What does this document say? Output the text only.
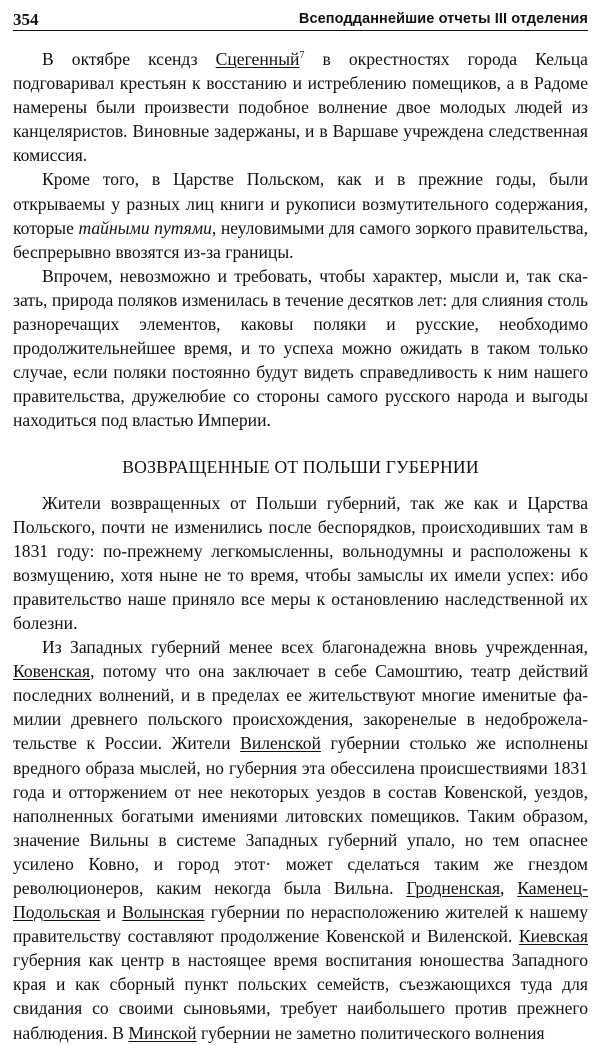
354	Всеподданнейшие отчеты III отделения

В октябре ксендз Сцегенный$^7$ в окрестностях города Кельца подговаривал крестьян к восстанию и истреблению помещиков, а в Радоме намерены были произвести подобное волнение двое молодых людей из канцеляристов. Виновные задержаны, и в Варшаве учреждена следственная комиссия.

Кроме того, в Царстве Польском, как и в прежние годы, были открываемы у разных лиц книги и рукописи возмутительного содержания, которые тайными путями, неуловимыми для самого зоркого правительства, беспрерывно ввозятся из-за границы.

Впрочем, невозможно и требовать, чтобы характер, мысли и, так сказать, природа поляков изменилась в течение десятков лет: для слияния столь разноречащих элементов, каковы поляки и русские, необходимо продолжительнейшее время, и то успеха можно ожидать в таком только случае, если поляки постоянно будут видеть справедливость к ним нашего правительства, дружелюбие со стороны самого русского народа и выгоды находиться под властью Империи.

ВОЗВРАЩЕННЫЕ ОТ ПОЛЬШИ ГУБЕРНИИ

Жители возвращенных от Польши губерний, так же как и Царства Польского, почти не изменились после беспорядков, происходивших там в 1831 году: по-прежнему легкомысленны, вольнодумны и расположены к возмущению, хотя ныне не то время, чтобы замыслы их имели успех: ибо правительство наше приняло все меры к остановлению наследственной их болезни.

Из Западных губерний менее всех благонадежна вновь учрежденная, Ковенская, потому что она заключает в себе Самоштию, театр действий последних волнений, и в пределах ее жительствуют многие именитые фамилии древнего польского происхождения, закоренелые в недоброжелательстве к России. Жители Виленской губернии столько же исполнены вредного образа мыслей, но губерния эта обессилена происшествиями 1831 года и отторжением от нее некоторых уездов в состав Ковенской, уездов, наполненных богатыми имениями литовских помещиков. Таким образом, значение Вильны в системе Западных губерний упало, но тем опаснее усилено Ковно, и город этот· может сделаться таким же гнездом революционеров, каким некогда была Вильна. Гродненская, Каменец-Подольская и Волынская губернии по нерасположению жителей к нашему правительству составляют продолжение Ковенской и Виленской. Киевская губерния как центр в настоящее время воспитания юношества Западного края и как сборный пункт польских семейств, съезжающихся туда для свидания со своими сыновьями, требует наибольшего против прежнего наблюдения. В Минской губернии не заметно политического волнения
